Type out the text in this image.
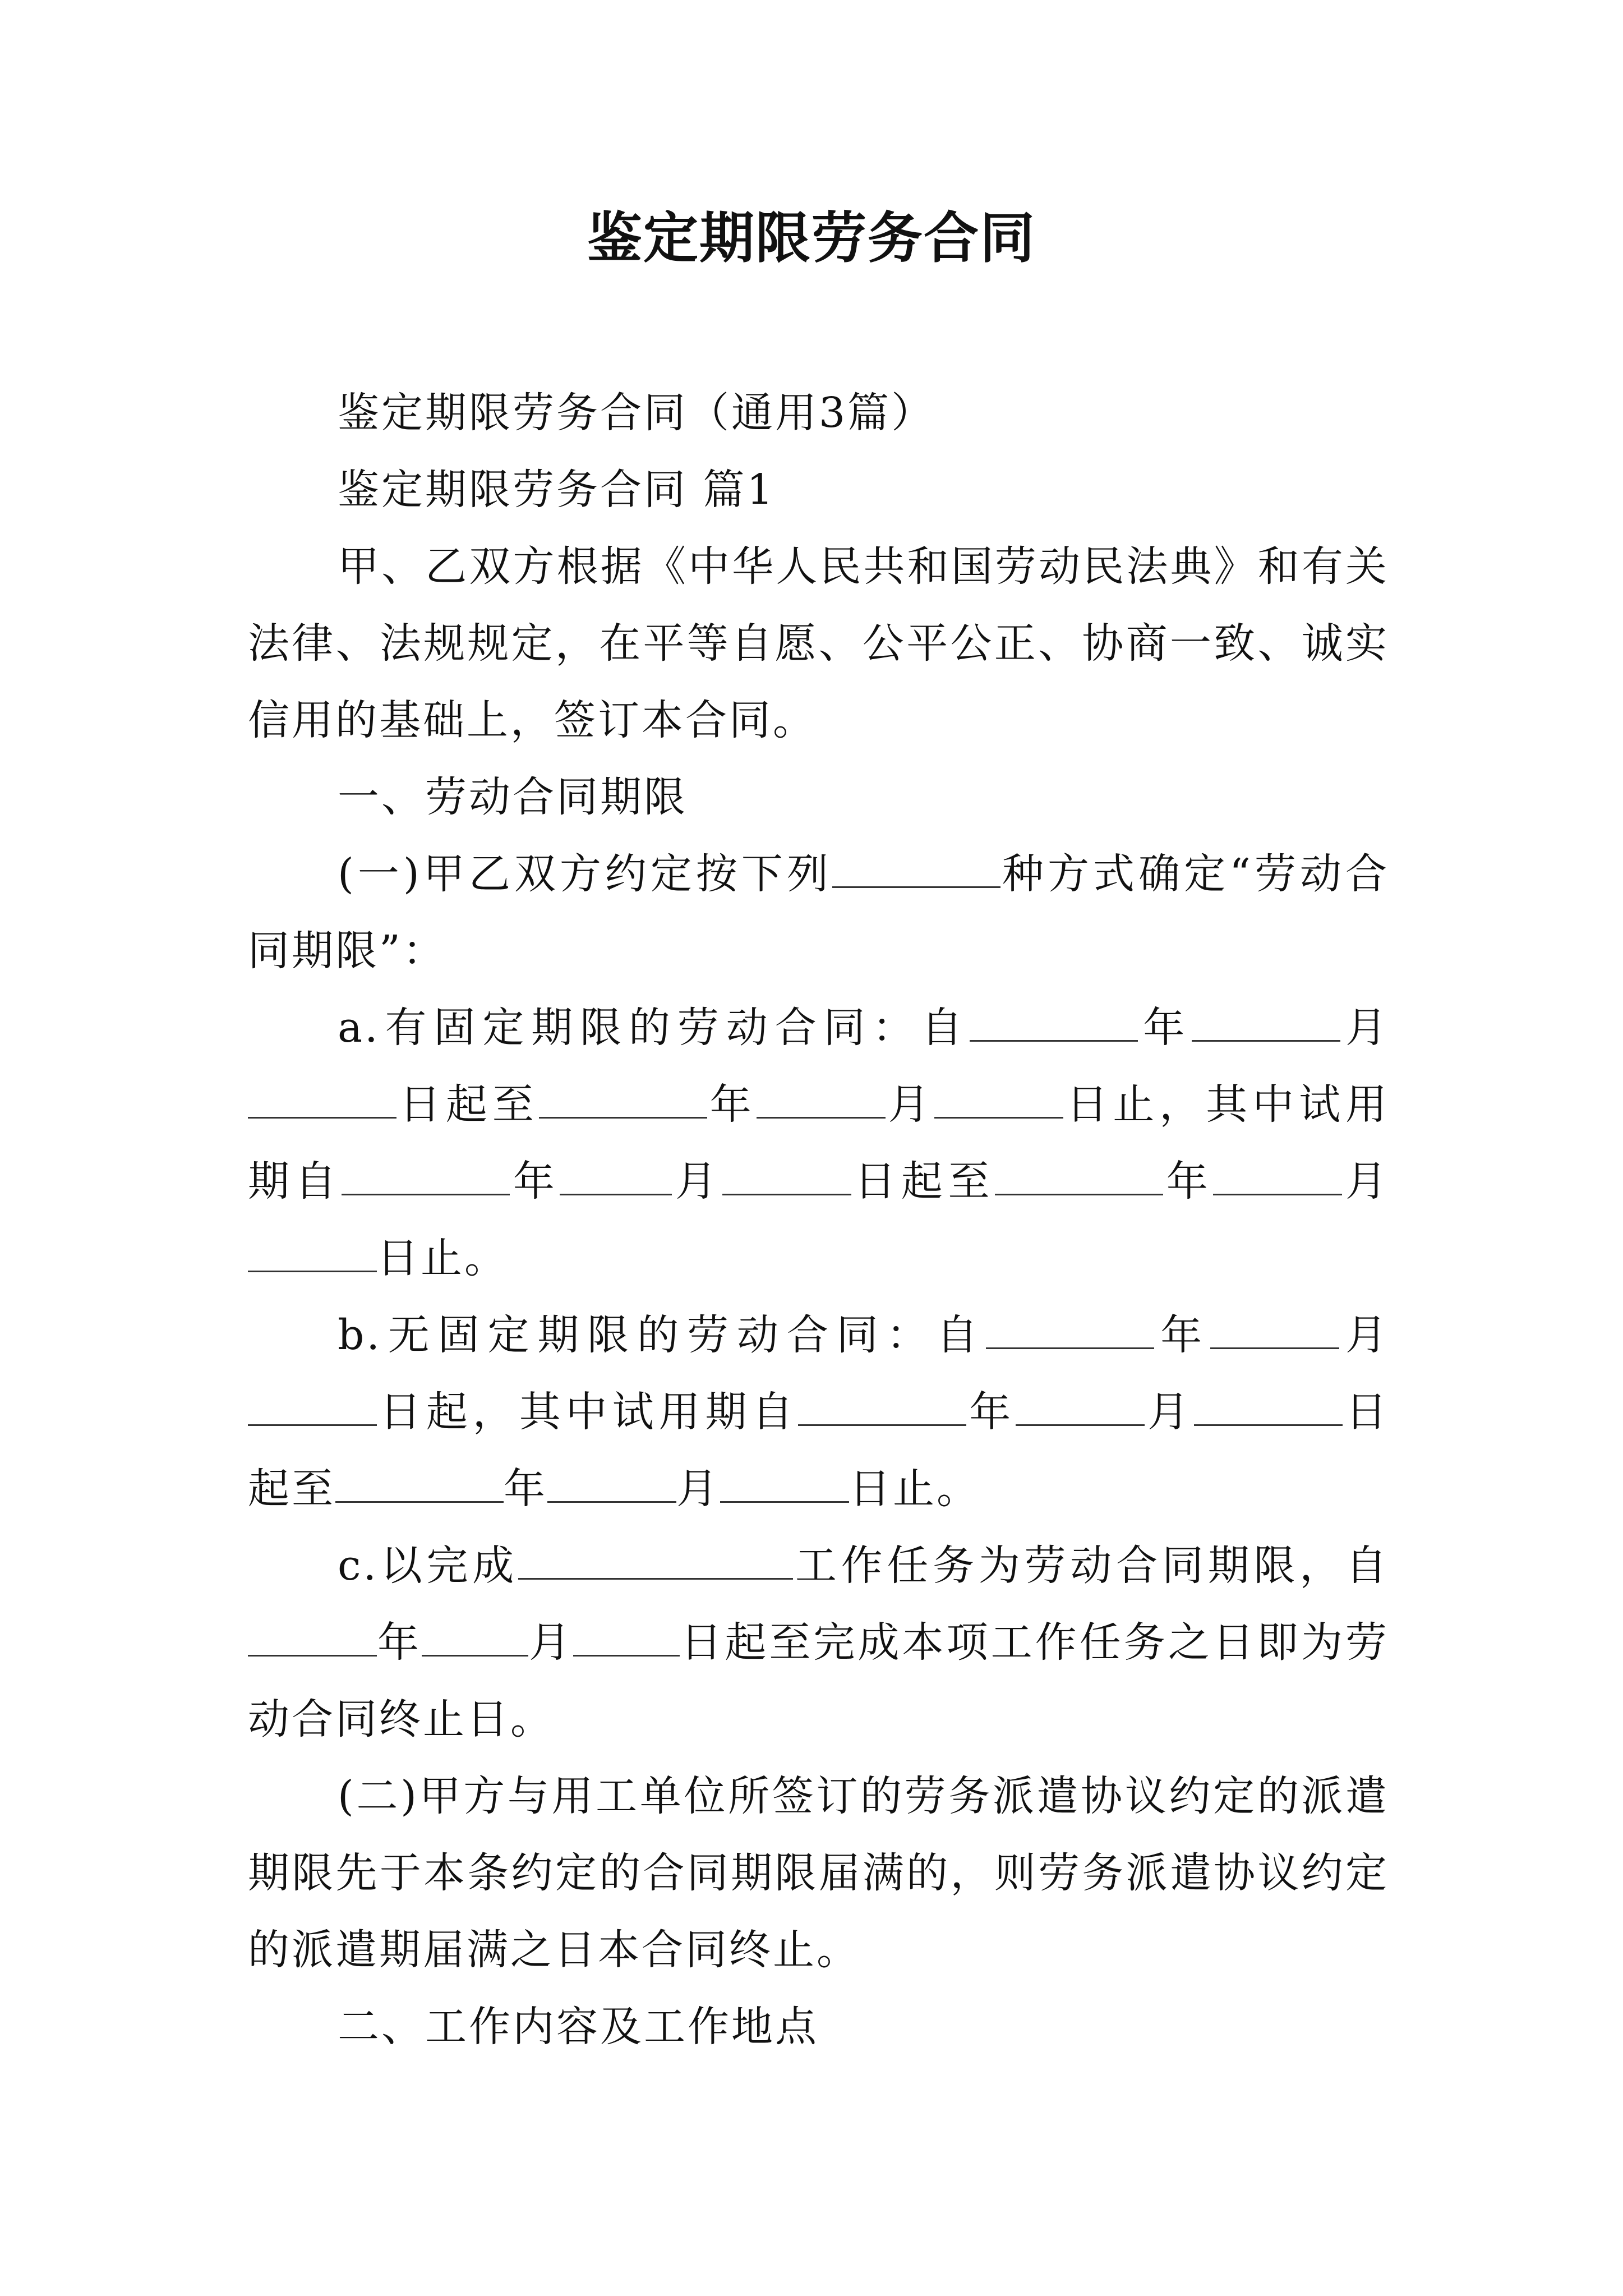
鉴定期限劳务合同

鉴定期限劳务合同（通用3篇）

鉴定期限劳务合同 篇1

甲、乙双方根据《中华人民共和国劳动民法典》和有关法律、法规规定，在平等自愿、公平公正、协商一致、诚实信用的基础上，签订本合同。

一、劳动合同期限

(一)甲乙双方约定按下列	种方式确定“劳动合同期限”：

a.有固定期限的劳动合同：自	年	月日起至	年	月	日止，其中试用期自	年	月	日起至	年	月日止。

b.无固定期限的劳动合同：自	年	月日起，其中试用期自	年	月	日起至	年	月	日止。

c.以完成	工作任务为劳动合同期限，自年	月	日起至完成本项工作任务之日即为劳动合同终止日。

(二)甲方与用工单位所签订的劳务派遣协议约定的派遣期限先于本条约定的合同期限届满的，则劳务派遣协议约定的派遣期届满之日本合同终止。

二、工作内容及工作地点
